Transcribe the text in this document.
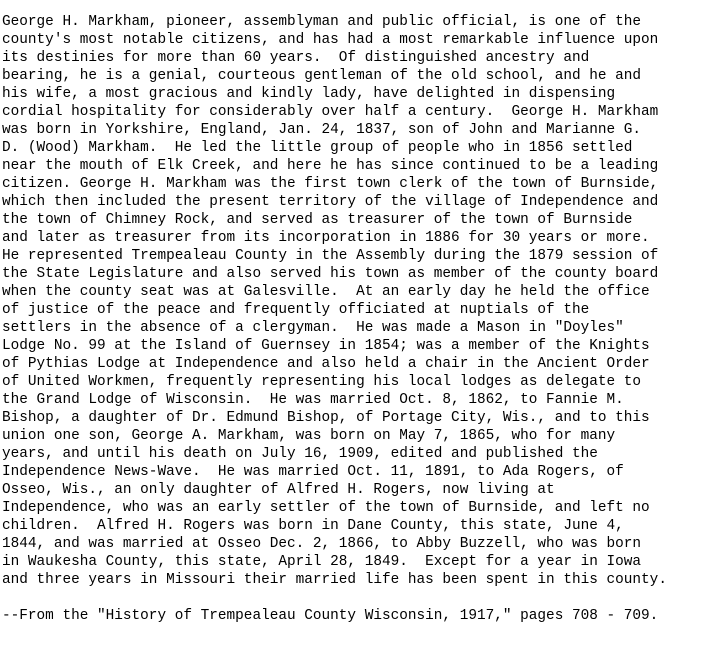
George H. Markham, pioneer, assemblyman and public official, is one of the
county's most notable citizens, and has had a most remarkable influence upon
its destinies for more than 60 years.  Of distinguished ancestry and
bearing, he is a genial, courteous gentleman of the old school, and he and
his wife, a most gracious and kindly lady, have delighted in dispensing
cordial hospitality for considerably over half a century.  George H. Markham
was born in Yorkshire, England, Jan. 24, 1837, son of John and Marianne G.
D. (Wood) Markham.  He led the little group of people who in 1856 settled
near the mouth of Elk Creek, and here he has since continued to be a leading
citizen. George H. Markham was the first town clerk of the town of Burnside,
which then included the present territory of the village of Independence and
the town of Chimney Rock, and served as treasurer of the town of Burnside
and later as treasurer from its incorporation in 1886 for 30 years or more.
He represented Trempealeau County in the Assembly during the 1879 session of
the State Legislature and also served his town as member of the county board
when the county seat was at Galesville.  At an early day he held the office
of justice of the peace and frequently officiated at nuptials of the
settlers in the absence of a clergyman.  He was made a Mason in "Doyles"
Lodge No. 99 at the Island of Guernsey in 1854; was a member of the Knights
of Pythias Lodge at Independence and also held a chair in the Ancient Order
of United Workmen, frequently representing his local lodges as delegate to
the Grand Lodge of Wisconsin.  He was married Oct. 8, 1862, to Fannie M.
Bishop, a daughter of Dr. Edmund Bishop, of Portage City, Wis., and to this
union one son, George A. Markham, was born on May 7, 1865, who for many
years, and until his death on July 16, 1909, edited and published the
Independence News-Wave.  He was married Oct. 11, 1891, to Ada Rogers, of
Osseo, Wis., an only daughter of Alfred H. Rogers, now living at
Independence, who was an early settler of the town of Burnside, and left no
children.  Alfred H. Rogers was born in Dane County, this state, June 4,
1844, and was married at Osseo Dec. 2, 1866, to Abby Buzzell, who was born
in Waukesha County, this state, April 28, 1849.  Except for a year in Iowa
and three years in Missouri their married life has been spent in this county.
--From the "History of Trempealeau County Wisconsin, 1917," pages 708 - 709.
